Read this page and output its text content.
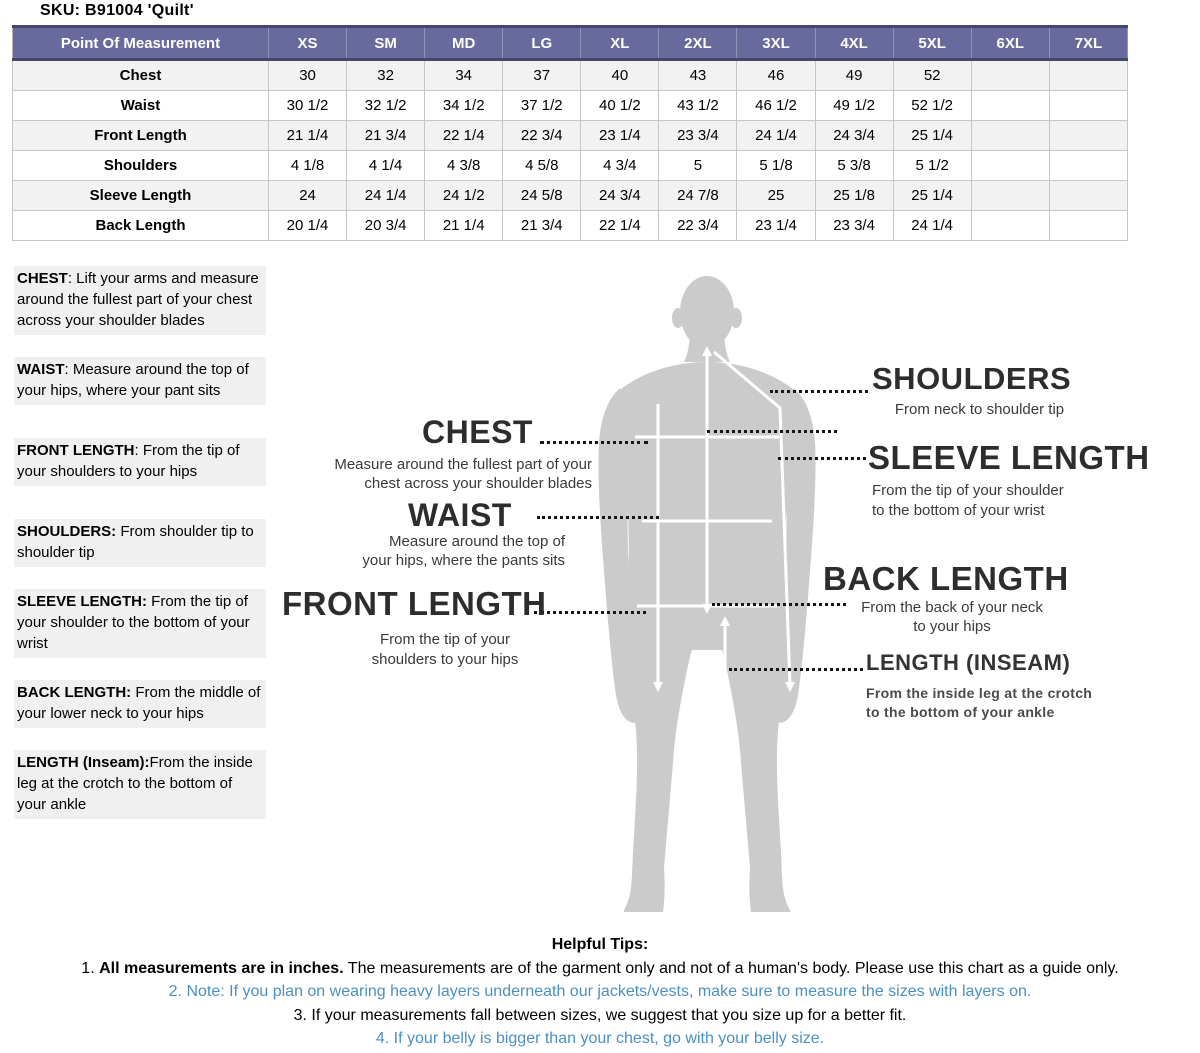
SKU: B91004 'Quilt'
Point Of Measurement	XS	SM	MD	LG	XL	2XL	3XL	4XL	5XL	6XL	7XL
Chest	30	32	34	37	40	43	46	49	52		
Waist	30 1/2	32 1/2	34 1/2	37 1/2	40 1/2	43 1/2	46 1/2	49 1/2	52 1/2		
Front Length	21 1/4	21 3/4	22 1/4	22 3/4	23 1/4	23 3/4	24 1/4	24 3/4	25 1/4		
Shoulders	4 1/8	4 1/4	4 3/8	4 5/8	4 3/4	5	5 1/8	5 3/8	5 1/2		
Sleeve Length	24	24 1/4	24 1/2	24 5/8	24 3/4	24 7/8	25	25 1/8	25 1/4		
Back Length	20 1/4	20 3/4	21 1/4	21 3/4	22 1/4	22 3/4	23 1/4	23 3/4	24 1/4		
CHEST: Lift your arms and measure around the fullest part of your chest across your shoulder blades
WAIST: Measure around the top of your hips, where your pant sits
FRONT LENGTH: From the tip of your shoulders to your hips
SHOULDERS: From shoulder tip to shoulder tip
SLEEVE LENGTH: From the tip of your shoulder to the bottom of your wrist
BACK LENGTH: From the middle of your lower neck to your hips
LENGTH (Inseam):From the inside leg at the crotch to the bottom of your ankle
CHEST
WAIST
FRONT LENGTH
SHOULDERS
SLEEVE LENGTH
BACK LENGTH
LENGTH (INSEAM)
Measure around the fullest part of your
chest across your shoulder blades
Measure around the top of
your hips, where the pants sits
From the tip of your
shoulders to your hips
From neck to shoulder tip
From the tip of your shoulder
to the bottom of your wrist
From the back of your neck
to your hips
From the inside leg at the crotch
to the bottom of your ankle

Helpful Tips:

1. All measurements are in inches. The measurements are of the garment only and not of a human's body. Please use this chart as a guide only.

2. Note: If you plan on wearing heavy layers underneath our jackets/vests, make sure to measure the sizes with layers on.

3. If your measurements fall between sizes, we suggest that you size up for a better fit.

4. If your belly is bigger than your chest, go with your belly size.
